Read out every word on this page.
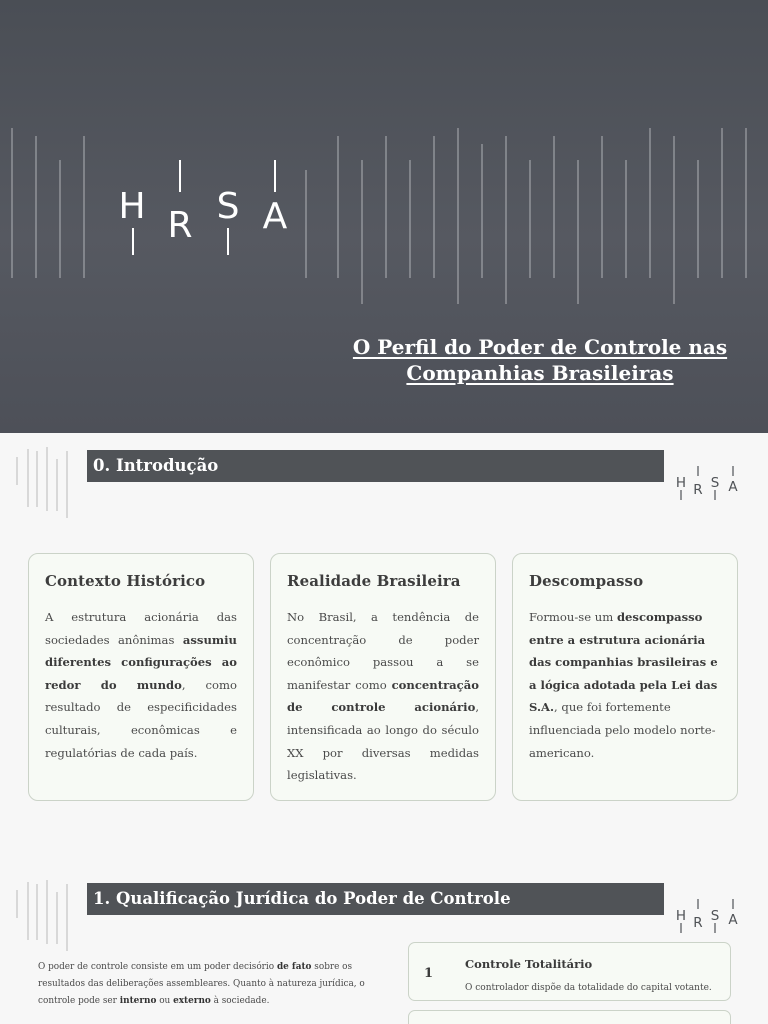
H R S A
O Perfil do Poder de Controle nas
Companhias Brasileiras
0. Introdução
H R S A
Contexto Histórico

A estrutura acionária das sociedades anônimas assumiu diferentes configurações ao redor do mundo, como resultado de especificidades culturais, econômicas e regulatórias de cada país.

Realidade Brasileira

No Brasil, a tendência de concentração de poder econômico passou a se manifestar como concentração de controle acionário, intensificada ao longo do século XX por diversas medidas legislativas.

Descompasso

Formou-se um descompasso entre a estrutura acionária das companhias brasileiras e a lógica adotada pela Lei das S.A., que foi fortemente influenciada pelo modelo norte-americano.

1. Qualificação Jurídica do Poder de Controle
H R S A

O poder de controle consiste em um poder decisório de fato sobre os resultados das deliberações assembleares. Quanto à natureza jurídica, o controle pode ser interno ou externo à sociedade.

1
Controle Totalitário
O controlador dispõe da totalidade do capital votante.
